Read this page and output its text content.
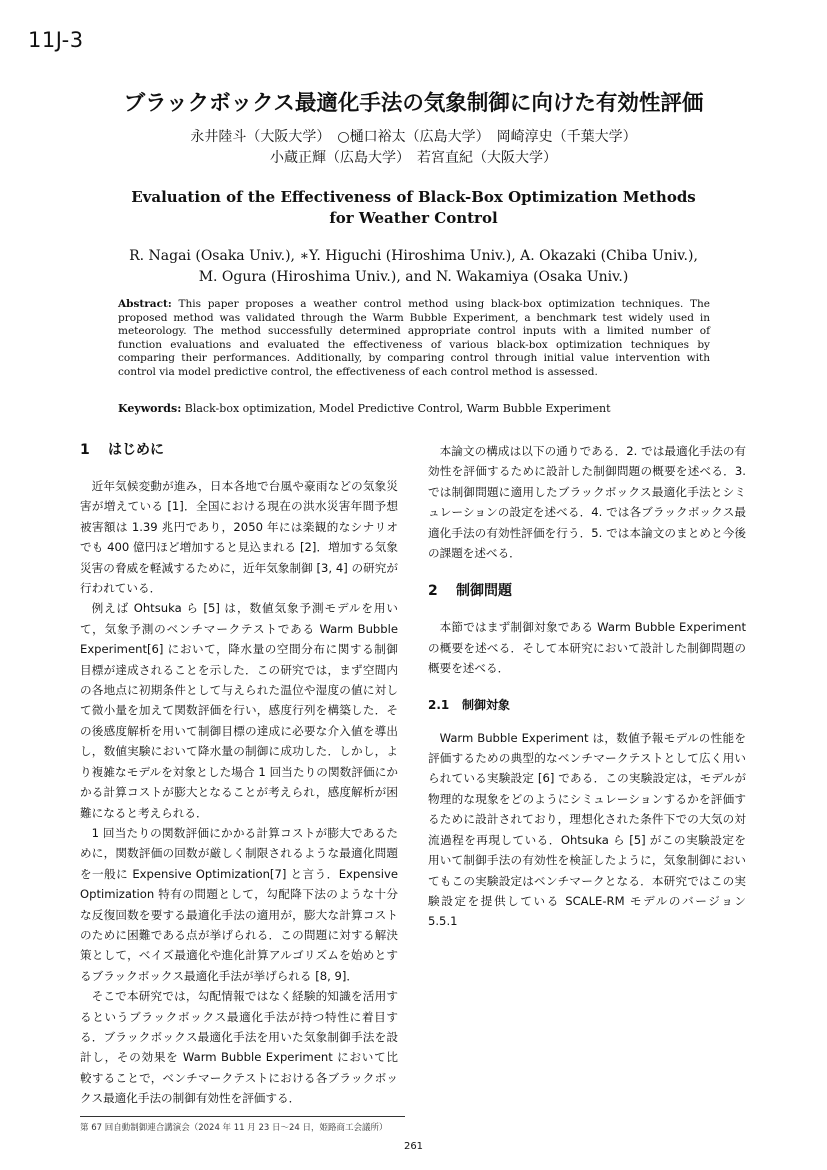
11J-3
ブラックボックス最適化手法の気象制御に向けた有効性評価
永井陸斗（大阪大学）　○樋口裕太（広島大学）　岡崎淳史（千葉大学）
小蔵正輝（広島大学）　若宮直紀（大阪大学）
Evaluation of the Effectiveness of Black-Box Optimization Methods
for Weather Control
R. Nagai (Osaka Univ.), ∗Y. Higuchi (Hiroshima Univ.), A. Okazaki (Chiba Univ.),
M. Ogura (Hiroshima Univ.), and N. Wakamiya (Osaka Univ.)
Abstract: This paper proposes a weather control method using black-box optimization techniques. The proposed method was validated through the Warm Bubble Experiment, a benchmark test widely used in meteorology. The method successfully determined appropriate control inputs with a limited number of function evaluations and evaluated the effectiveness of various black-box optimization techniques by comparing their performances. Additionally, by comparing control through initial value intervention with control via model predictive control, the effectiveness of each control method is assessed.
Keywords: Black-box optimization, Model Predictive Control, Warm Bubble Experiment
1 はじめに

近年気候変動が進み，日本各地で台風や豪雨などの気象災害が増えている [1]．全国における現在の洪水災害年間予想被害額は 1.39 兆円であり，2050 年には楽観的なシナリオでも 400 億円ほど増加すると見込まれる [2]．増加する気象災害の脅威を軽減するために，近年気象制御 [3, 4] の研究が行われている．

例えば Ohtsuka ら [5] は，数値気象予測モデルを用いて，気象予測のベンチマークテストである Warm Bubble Experiment[6] において，降水量の空間分布に関する制御目標が達成されることを示した．この研究では，まず空間内の各地点に初期条件として与えられた温位や湿度の値に対して微小量を加えて関数評価を行い，感度行列を構築した．その後感度解析を用いて制御目標の達成に必要な介入値を導出し，数値実験において降水量の制御に成功した．しかし，より複雑なモデルを対象とした場合 1 回当たりの関数評価にかかる計算コストが膨大となることが考えられ，感度解析が困難になると考えられる．

1 回当たりの関数評価にかかる計算コストが膨大であるために，関数評価の回数が厳しく制限されるような最適化問題を一般に Expensive Optimization[7] と言う．Expensive Optimization 特有の問題として，勾配降下法のような十分な反復回数を要する最適化手法の適用が，膨大な計算コストのために困難である点が挙げられる．この問題に対する解決策として，ベイズ最適化や進化計算アルゴリズムを始めとするブラックボックス最適化手法が挙げられる [8, 9]．

そこで本研究では，勾配情報ではなく経験的知識を活用するというブラックボックス最適化手法が持つ特性に着目する．ブラックボックス最適化手法を用いた気象制御手法を設計し，その効果を Warm Bubble Experiment において比較することで，ベンチマークテストにおける各ブラックボックス最適化手法の制御有効性を評価する．

本論文の構成は以下の通りである．2. では最適化手法の有効性を評価するために設計した制御問題の概要を述べる．3. では制御問題に適用したブラックボックス最適化手法とシミュレーションの設定を述べる．4. では各ブラックボックス最適化手法の有効性評価を行う．5. では本論文のまとめと今後の課題を述べる．

2 制御問題

本節ではまず制御対象である Warm Bubble Experiment の概要を述べる．そして本研究において設計した制御問題の概要を述べる．

2.1 制御対象

Warm Bubble Experiment は，数値予報モデルの性能を評価するための典型的なベンチマークテストとして広く用いられている実験設定 [6] である．この実験設定は，モデルが物理的な現象をどのようにシミュレーションするかを評価するために設計されており，理想化された条件下での大気の対流過程を再現している．Ohtsuka ら [5] がこの実験設定を用いて制御手法の有効性を検証したように，気象制御においてもこの実験設定はベンチマークとなる．本研究ではこの実験設定を提供している SCALE-RM モデルのバージョン 5.5.1

第 67 回自動制御連合講演会（2024 年 11 月 23 日～24 日，姫路商工会議所）
261
